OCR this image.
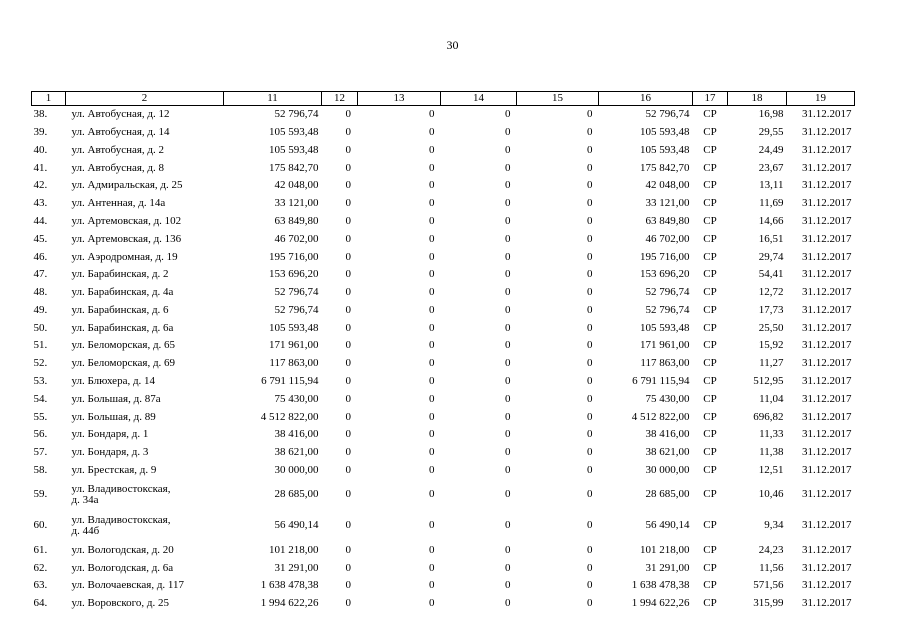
30
1	2	11	12	13	14	15	16	17	18	19
38.	ул. Автобусная, д. 12	52 796,74	0	0	0	0	52 796,74	СР	16,98	31.12.2017
39.	ул. Автобусная, д. 14	105 593,48	0	0	0	0	105 593,48	СР	29,55	31.12.2017
40.	ул. Автобусная, д. 2	105 593,48	0	0	0	0	105 593,48	СР	24,49	31.12.2017
41.	ул. Автобусная, д. 8	175 842,70	0	0	0	0	175 842,70	СР	23,67	31.12.2017
42.	ул. Адмиральская, д. 25	42 048,00	0	0	0	0	42 048,00	СР	13,11	31.12.2017
43.	ул. Антенная, д. 14а	33 121,00	0	0	0	0	33 121,00	СР	11,69	31.12.2017
44.	ул. Артемовская, д. 102	63 849,80	0	0	0	0	63 849,80	СР	14,66	31.12.2017
45.	ул. Артемовская, д. 136	46 702,00	0	0	0	0	46 702,00	СР	16,51	31.12.2017
46.	ул. Аэродромная, д. 19	195 716,00	0	0	0	0	195 716,00	СР	29,74	31.12.2017
47.	ул. Барабинская, д. 2	153 696,20	0	0	0	0	153 696,20	СР	54,41	31.12.2017
48.	ул. Барабинская, д. 4а	52 796,74	0	0	0	0	52 796,74	СР	12,72	31.12.2017
49.	ул. Барабинская, д. 6	52 796,74	0	0	0	0	52 796,74	СР	17,73	31.12.2017
50.	ул. Барабинская, д. 6а	105 593,48	0	0	0	0	105 593,48	СР	25,50	31.12.2017
51.	ул. Беломорская, д. 65	171 961,00	0	0	0	0	171 961,00	СР	15,92	31.12.2017
52.	ул. Беломорская, д. 69	117 863,00	0	0	0	0	117 863,00	СР	11,27	31.12.2017
53.	ул. Блюхера, д. 14	6 791 115,94	0	0	0	0	6 791 115,94	СР	512,95	31.12.2017
54.	ул. Большая, д. 87а	75 430,00	0	0	0	0	75 430,00	СР	11,04	31.12.2017
55.	ул. Большая, д. 89	4 512 822,00	0	0	0	0	4 512 822,00	СР	696,82	31.12.2017
56.	ул. Бондаря, д. 1	38 416,00	0	0	0	0	38 416,00	СР	11,33	31.12.2017
57.	ул. Бондаря, д. 3	38 621,00	0	0	0	0	38 621,00	СР	11,38	31.12.2017
58.	ул. Брестская, д. 9	30 000,00	0	0	0	0	30 000,00	СР	12,51	31.12.2017
59.	ул. Владивостокская,
д. 34а	28 685,00	0	0	0	0	28 685,00	СР	10,46	31.12.2017
60.	ул. Владивостокская,
д. 44б	56 490,14	0	0	0	0	56 490,14	СР	9,34	31.12.2017
61.	ул. Вологодская, д. 20	101 218,00	0	0	0	0	101 218,00	СР	24,23	31.12.2017
62.	ул. Вологодская, д. 6а	31 291,00	0	0	0	0	31 291,00	СР	11,56	31.12.2017
63.	ул. Волочаевская, д. 117	1 638 478,38	0	0	0	0	1 638 478,38	СР	571,56	31.12.2017
64.	ул. Воровского, д. 25	1 994 622,26	0	0	0	0	1 994 622,26	СР	315,99	31.12.2017
